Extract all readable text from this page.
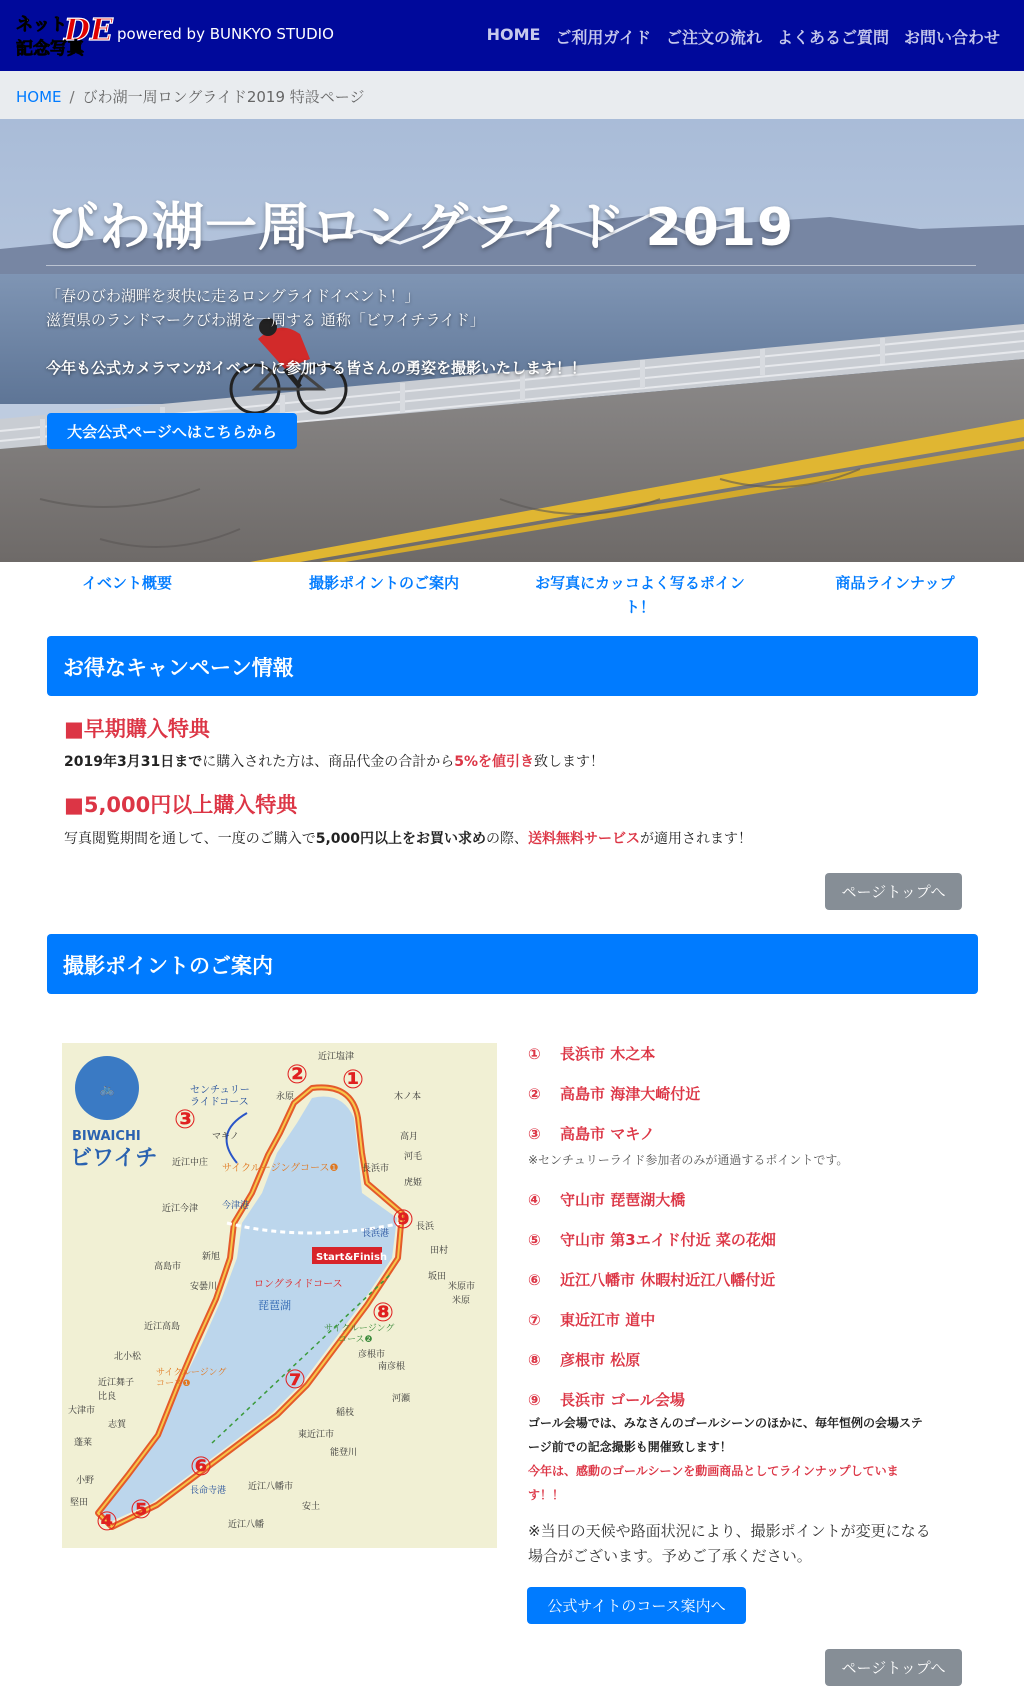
ネット
DE
記念写真
powered by BUNKYO STUDIO	HOME ご利用ガイド ご注文の流れ よくあるご質問 お問い合わせ
HOME / びわ湖一周ロングライド2019 特設ページ
びわ湖一周ロングライド 2019
「春のびわ湖畔を爽快に走るロングライドイベント！」
滋賀県のランドマークびわ湖を一周する 通称「ビワイチライド」
今年も公式カメラマンがイベントに参加する皆さんの勇姿を撮影いたします！！
大会公式ページへはこちらから
イベント概要	撮影ポイントのご案内	お写真にカッコよく写るポイン
ト！
商品ラインナップ
お得なキャンペーン情報
■早期購入特典
2019年3月31日までに購入された方は、商品代金の合計から5%を値引き致します！
■5,000円以上購入特典
写真閲覧期間を通して、一度のご購入で5,000円以上をお買い求めの際、送料無料サービスが適用されます！
ページトップへ
撮影ポイントのご案内
🚲
BIWAICHI
ビワイチ
センチュリー
ライドコース
サイクルージングコース❶
今津港
長浜港
Start&Finish
ロングライドコース
琵琶湖
サイクルージング
コース❷
サイクルージング
コース❶
長命寺港
近江塩津
永原	木ノ本
マキノ	高月
河毛
長浜市
虎姫
近江中庄
近江今津
長浜
田村
坂田
米原市
米原
新旭
高島市
安曇川
近江高島
彦根市
南彦根
北小松
近江舞子
比良
大津市
志賀
河瀬
稲枝
蓬莱
東近江市
能登川
小野
堅田
近江八幡市
安土
近江八幡
①
②
③
④ ⑤
⑥
⑦
⑧
⑨
① 長浜市 木之本
② 高島市 海津大崎付近
③ 高島市 マキノ
※センチュリーライド参加者のみが通過するポイントです。
④ 守山市 琵琶湖大橋
⑤ 守山市 第3エイド付近 菜の花畑
⑥ 近江八幡市 休暇村近江八幡付近
⑦ 東近江市 道中
⑧ 彦根市 松原
⑨ 長浜市 ゴール会場
ゴール会場では、みなさんのゴールシーンのほかに、毎年恒例の会場ステ
ージ前での記念撮影も開催致します！
今年は、感動のゴールシーンを動画商品としてラインナップしていま
す！！
※当日の天候や路面状況により、撮影ポイントが変更になる
場合がございます。予めご了承ください。
公式サイトのコース案内へ
ページトップへ
